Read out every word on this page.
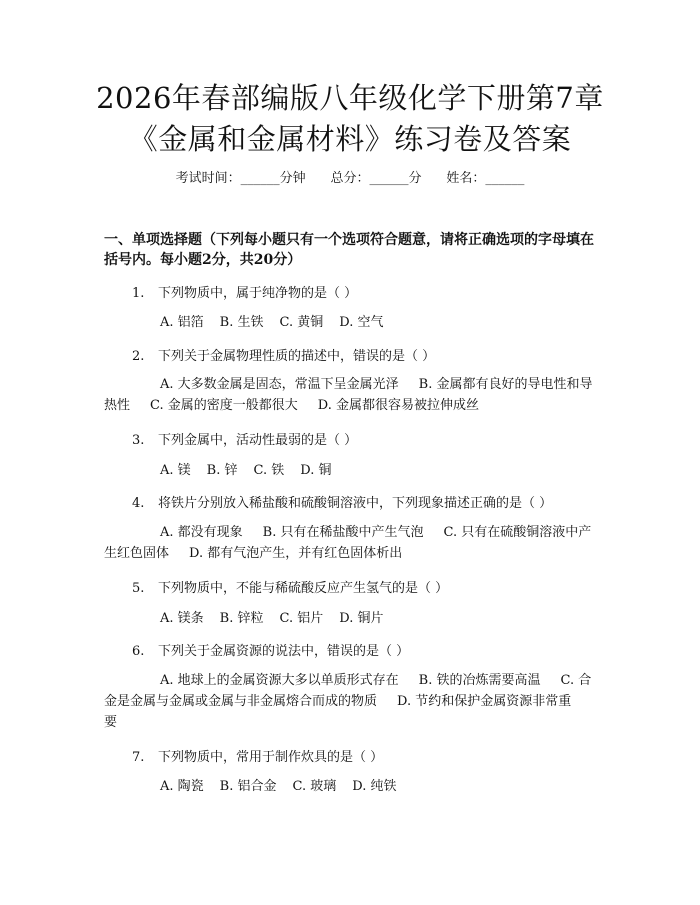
2026年春部编版八年级化学下册第7章《金属和金属材料》练习卷及答案
考试时间：______分钟 总分：______分 姓名：______
一、单项选择题（下列每小题只有一个选项符合题意，请将正确选项的字母填在括号内。每小题2分，共20分）
1. 下列物质中，属于纯净物的是（ ）
A. 铝箔 B. 生铁 C. 黄铜 D. 空气
2. 下列关于金属物理性质的描述中，错误的是（ ）
A. 大多数金属是固态，常温下呈金属光泽 B. 金属都有良好的导电性和导热性 C. 金属的密度一般都很大 D. 金属都很容易被拉伸成丝
3. 下列金属中，活动性最弱的是（ ）
A. 镁 B. 锌 C. 铁 D. 铜
4. 将铁片分别放入稀盐酸和硫酸铜溶液中，下列现象描述正确的是（ ）
A. 都没有现象 B. 只有在稀盐酸中产生气泡 C. 只有在硫酸铜溶液中产生红色固体 D. 都有气泡产生，并有红色固体析出
5. 下列物质中，不能与稀硫酸反应产生氢气的是（ ）
A. 镁条 B. 锌粒 C. 铝片 D. 铜片
6. 下列关于金属资源的说法中，错误的是（ ）
A. 地球上的金属资源大多以单质形式存在 B. 铁的冶炼需要高温 C. 合金是金属与金属或金属与非金属熔合而成的物质 D. 节约和保护金属资源非常重要
7. 下列物质中，常用于制作炊具的是（ ）
A. 陶瓷 B. 铝合金 C. 玻璃 D. 纯铁
